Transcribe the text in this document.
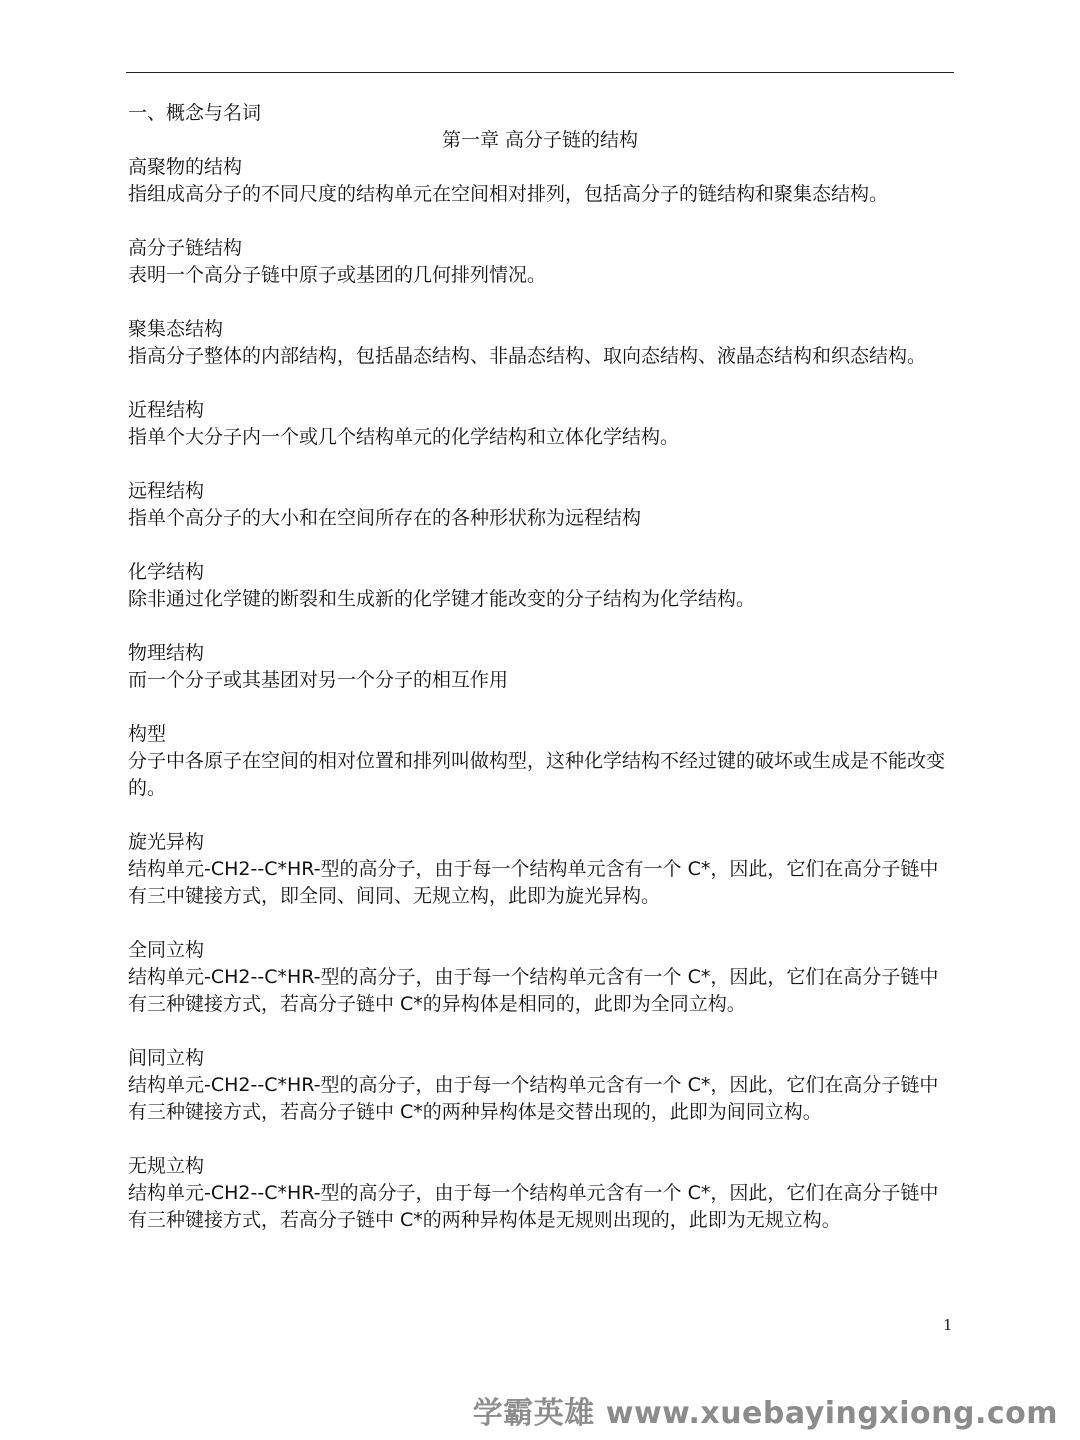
一、概念与名词

第一章 高分子链的结构

高聚物的结构

指组成高分子的不同尺度的结构单元在空间相对排列，包括高分子的链结构和聚集态结构。

高分子链结构

表明一个高分子链中原子或基团的几何排列情况。

聚集态结构

指高分子整体的内部结构，包括晶态结构、非晶态结构、取向态结构、液晶态结构和织态结构。

近程结构

指单个大分子内一个或几个结构单元的化学结构和立体化学结构。

远程结构

指单个高分子的大小和在空间所存在的各种形状称为远程结构

化学结构

除非通过化学键的断裂和生成新的化学键才能改变的分子结构为化学结构。

物理结构

而一个分子或其基团对另一个分子的相互作用

构型

分子中各原子在空间的相对位置和排列叫做构型，这种化学结构不经过键的破坏或生成是不能改变的。

旋光异构

结构单元-CH2--C*HR-型的高分子，由于每一个结构单元含有一个 C*，因此，它们在高分子链中有三中键接方式，即全同、间同、无规立构，此即为旋光异构。

全同立构

结构单元-CH2--C*HR-型的高分子，由于每一个结构单元含有一个 C*，因此，它们在高分子链中有三种键接方式，若高分子链中 C*的异构体是相同的，此即为全同立构。

间同立构

结构单元-CH2--C*HR-型的高分子，由于每一个结构单元含有一个 C*，因此，它们在高分子链中有三种键接方式，若高分子链中 C*的两种异构体是交替出现的，此即为间同立构。

无规立构

结构单元-CH2--C*HR-型的高分子，由于每一个结构单元含有一个 C*，因此，它们在高分子链中有三种键接方式，若高分子链中 C*的两种异构体是无规则出现的，此即为无规立构。

1
学霸英雄 www.xuebayingxiong.com
